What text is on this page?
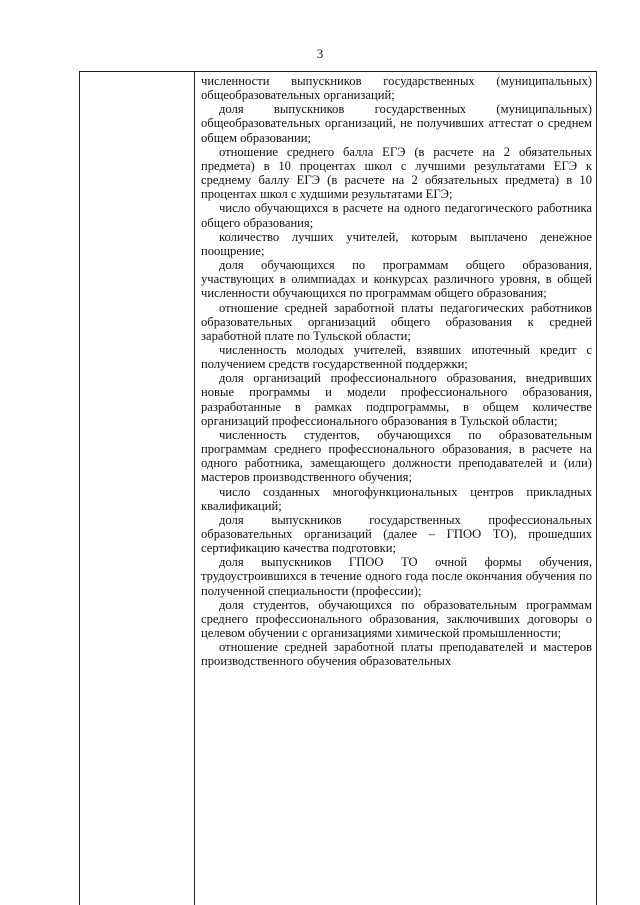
3

численности выпускников государственных (муниципальных) общеобразовательных организаций;

доля выпускников государственных (муниципальных) общеобразовательных организаций, не получивших аттестат о среднем общем образовании;

отношение среднего балла ЕГЭ (в расчете на 2 обязательных предмета) в 10 процентах школ с лучшими результатами ЕГЭ к среднему баллу ЕГЭ (в расчете на 2 обязательных предмета) в 10 процентах школ с худшими результатами ЕГЭ;

число обучающихся в расчете на одного педагогического работника общего образования;

количество лучших учителей, которым выплачено денежное поощрение;

доля обучающихся по программам общего образования, участвующих в олимпиадах и конкурсах различного уровня, в общей численности обучающихся по программам общего образования;

отношение средней заработной платы педагогических работников образовательных организаций общего образования к средней заработной плате по Тульской области;

численность молодых учителей, взявших ипотечный кредит с получением средств государственной поддержки;

доля организаций профессионального образования, внедривших новые программы и модели профессионального образования, разработанные в рамках подпрограммы, в общем количестве организаций профессионального образования в Тульской области;

численность студентов, обучающихся по образовательным программам среднего профессионального образования, в расчете на одного работника, замещающего должности преподавателей и (или) мастеров производственного обучения;

число созданных многофункциональных центров прикладных квалификаций;

доля выпускников государственных профессиональных образовательных организаций (далее – ГПОО ТО), прошедших сертификацию качества подготовки;

доля выпускников ГПОО ТО очной формы обучения, трудоустроившихся в течение одного года после окончания обучения по полученной специальности (профессии);

доля студентов, обучающихся по образовательным программам среднего профессионального образования, заключивших договоры о целевом обучении с организациями химической промышленности;

отношение средней заработной платы преподавателей и мастеров производственного обучения образовательных
